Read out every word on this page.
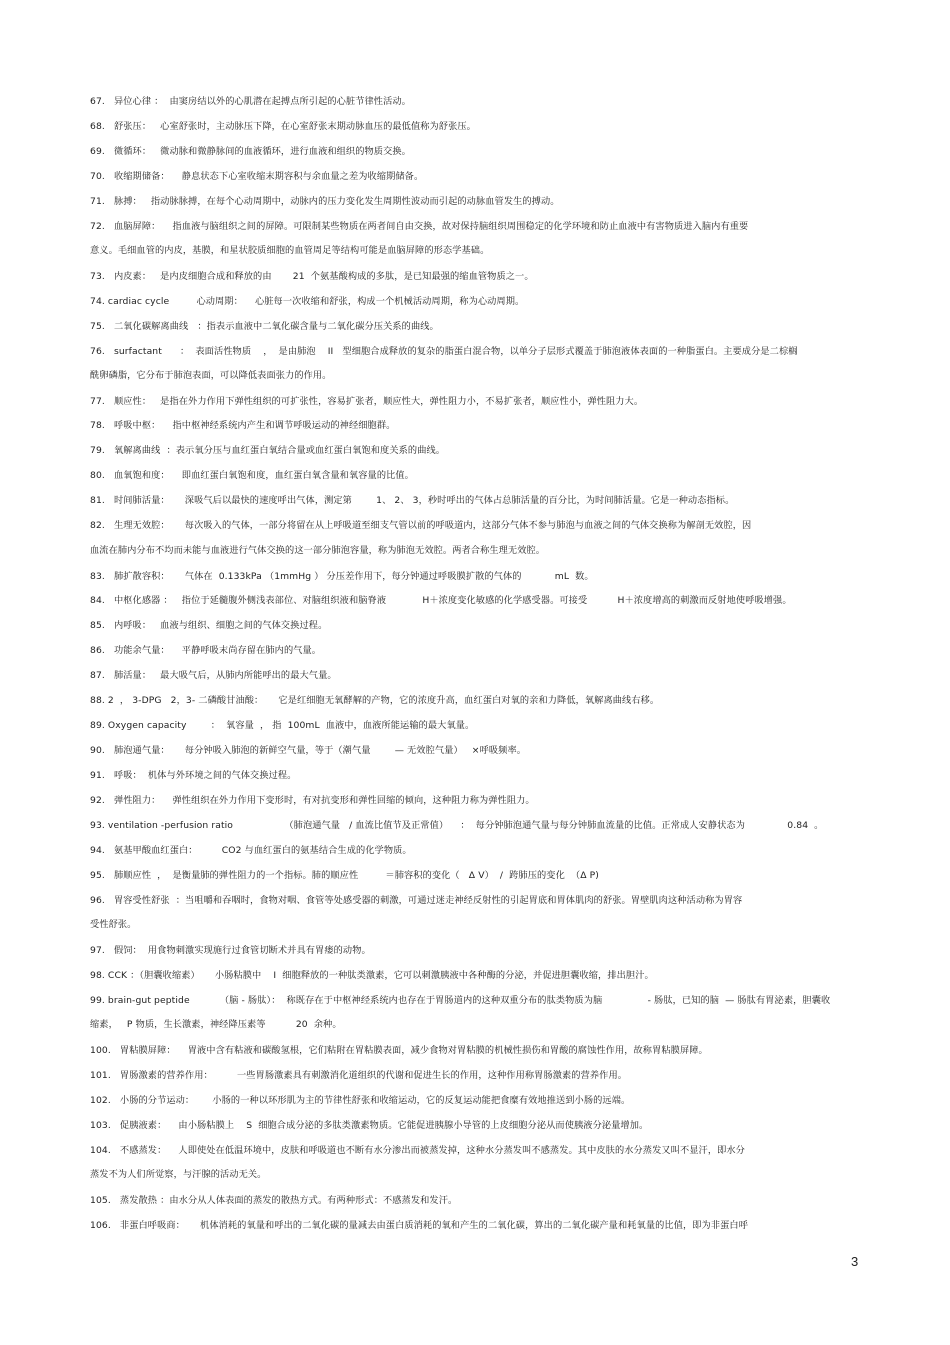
67.   异位心律 ：  由窦房结以外的心肌潜在起搏点所引起的心脏节律性活动。
68.   舒张压：   心室舒张时，主动脉压下降，在心室舒张末期动脉血压的最低值称为舒张压。
69.   微循环：   微动脉和微静脉间的血液循环，进行血液和组织的物质交换。
70.   收缩期储备：    静息状态下心室收缩末期容积与余血量之差为收缩期储备。
71.   脉搏：   指动脉脉搏，在每个心动周期中，动脉内的压力变化发生周期性波动而引起的动脉血管发生的搏动。
72.   血脑屏障：    指血液与脑组织之间的屏障。可限制某些物质在两者间自由交换，故对保持脑组织周围稳定的化学环境和防止血液中有害物质进入脑内有重要
意义。毛细血管的内皮，基膜，和星状胶质细胞的血管周足等结构可能是血脑屏障的形态学基础。
73.   内皮素：   是内皮细胞合成和释放的由       21  个氨基酸构成的多肽，是已知最强的缩血管物质之一。
74. cardiac cycle         心动周期：    心脏每一次收缩和舒张，构成一个机械活动周期，称为心动周期。
75.   二氧化碳解离曲线   ：指表示血液中二氧化碳含量与二氧化碳分压关系的曲线。
76.   surfactant      ：  表面活性物质    ，  是由肺泡    II   型细胞合成释放的复杂的脂蛋白混合物，以单分子层形式覆盖于肺泡液体表面的一种脂蛋白。主要成分是二棕榈
酰卵磷脂，它分布于肺泡表面，可以降低表面张力的作用。
77.   顺应性：   是指在外力作用下弹性组织的可扩张性，容易扩张者，顺应性大，弹性阻力小，不易扩张者，顺应性小，弹性阻力大。
78.   呼吸中枢：    指中枢神经系统内产生和调节呼吸运动的神经细胞群。
79.   氧解离曲线  ：表示氧分压与血红蛋白氧结合量或血红蛋白氧饱和度关系的曲线。
80.   血氧饱和度：    即血红蛋白氧饱和度，血红蛋白氧含量和氧容量的比值。
81.   时间肺活量：     深吸气后以最快的速度呼出气体，测定第        1、 2、 3，秒时呼出的气体占总肺活量的百分比，为时间肺活量。它是一种动态指标。
82.   生理无效腔：     每次吸入的气体，一部分将留在从上呼吸道至细支气管以前的呼吸道内，这部分气体不参与肺泡与血液之间的气体交换称为解剖无效腔，因
血流在肺内分布不均而未能与血液进行气体交换的这一部分肺泡容量，称为肺泡无效腔。两者合称生理无效腔。
83.   肺扩散容积：     气体在  0.133kPa （1mmHg ） 分压差作用下，每分钟通过呼吸膜扩散的气体的           mL  数。
84.   中枢化感器 ：   指位于延髓腹外侧浅表部位、对脑组织液和脑脊液            H＋浓度变化敏感的化学感受器。可接受          H＋浓度增高的刺激而反射地使呼吸增强。
85.   内呼吸：   血液与组织、细胞之间的气体交换过程。
86.   功能余气量：    平静呼吸末尚存留在肺内的气量。
87.   肺活量：   最大吸气后，从肺内所能呼出的最大气量。
88. 2  ， 3-DPG   2，3- 二磷酸甘油酸：     它是红细胞无氧酵解的产物，它的浓度升高，血红蛋白对氧的亲和力降低，氧解离曲线右移。
89. Oxygen capacity        ：  氧容量  ， 指  100mL  血液中，血液所能运输的最大氧量。
90.   肺泡通气量：     每分钟吸入肺泡的新鲜空气量，等于（潮气量        — 无效腔气量）   ×呼吸频率。
91.   呼吸：  机体与外环境之间的气体交换过程。
92.   弹性阻力：    弹性组织在外力作用下变形时，有对抗变形和弹性回缩的倾向，这种阻力称为弹性阻力。
93. ventilation -perfusion ratio                 （肺泡通气量   / 血流比值节及正常值）    ：  每分钟肺泡通气量与每分钟肺血流量的比值。正常成人安静状态为              0.84  。
94.   氨基甲酸血红蛋白：        CO2 与血红蛋白的氨基结合生成的化学物质。
95.   肺顺应性  ，  是衡量肺的弹性阻力的一个指标。肺的顺应性         ＝肺容积的变化（   Δ V）  /  跨肺压的变化  （Δ P)
96.   胃容受性舒张  ：当咀嚼和吞咽时，食物对咽、食管等处感受器的刺激，可通过迷走神经反射性的引起胃底和胃体肌肉的舒张。胃壁肌肉这种活动称为胃容
受性舒张。
97.   假饲：  用食物刺激实现施行过食管切断术并具有胃瘘的动物。
98. CCK ：（胆囊收缩素）     小肠粘膜中    I  细胞释放的一种肽类激素，它可以刺激胰液中各种酶的分泌，并促进胆囊收缩，排出胆汁。
99. brain-gut peptide          （脑 - 肠肽）：  称既存在于中枢神经系统内也存在于胃肠道内的这种双重分布的肽类物质为脑               - 肠肽，已知的脑  — 肠肽有胃泌素，胆囊收
缩素，   P 物质，生长激素，神经降压素等          20  余种。
100.   胃粘膜屏障：    胃液中含有粘液和碳酸氢根，它们粘附在胃粘膜表面，减少食物对胃粘膜的机械性损伤和胃酸的腐蚀性作用，故称胃粘膜屏障。
101.   胃肠激素的营养作用：        一些胃肠激素具有刺激消化道组织的代谢和促进生长的作用，这种作用称胃肠激素的营养作用。
102.   小肠的分节运动：      小肠的一种以环形肌为主的节律性舒张和收缩运动，它的反复运动能把食糜有效地推送到小肠的远端。
103.   促胰液素：    由小肠粘膜上    S  细胞合成分泌的多肽类激素物质。它能促进胰腺小导管的上皮细胞分泌从而使胰液分泌量增加。
104.   不感蒸发：    人即使处在低温环境中，皮肤和呼吸道也不断有水分渗出而被蒸发掉，这种水分蒸发叫不感蒸发。其中皮肤的水分蒸发又叫不显汗，即水分
蒸发不为人们所觉察，与汗腺的活动无关。
105.   蒸发散热 ：由水分从人体表面的蒸发的散热方式。有两种形式：不感蒸发和发汗。
106.   非蛋白呼吸商：     机体消耗的氧量和呼出的二氧化碳的量减去由蛋白质消耗的氧和产生的二氧化碳，算出的二氧化碳产量和耗氧量的比值，即为非蛋白呼
3
